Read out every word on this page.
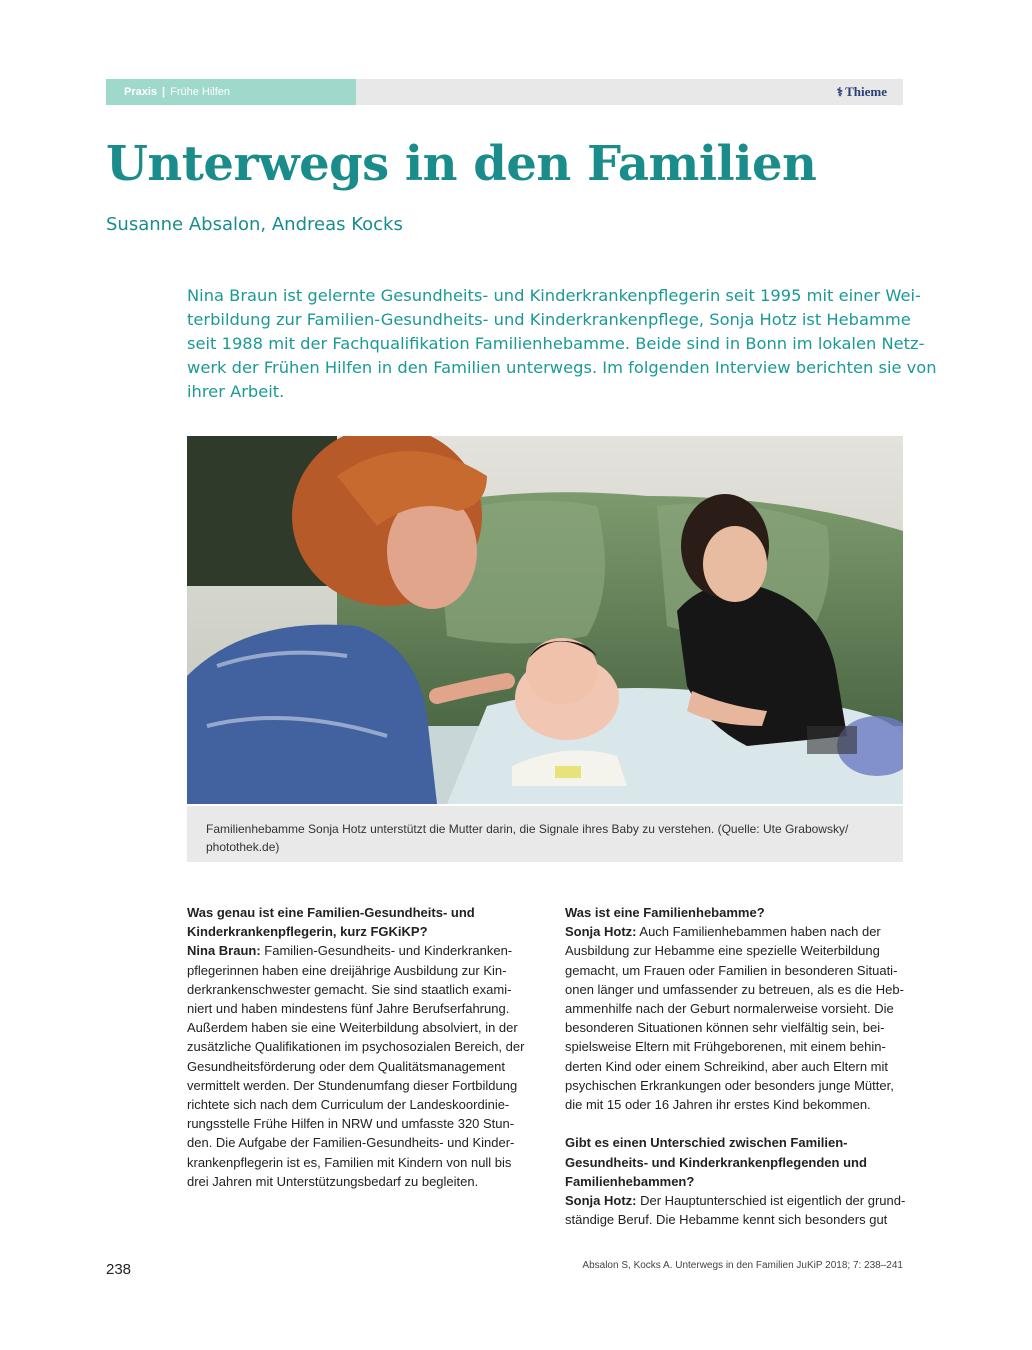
Praxis | Frühe Hilfen	⚕ Thieme
Unterwegs in den Familien
Susanne Absalon, Andreas Kocks
Nina Braun ist gelernte Gesundheits- und Kinderkrankenpflegerin seit 1995 mit einer Wei-
terbildung zur Familien-Gesundheits- und Kinderkrankenpflege, Sonja Hotz ist Hebamme
seit 1988 mit der Fachqualifikation Familienhebamme. Beide sind in Bonn im lokalen Netz-
werk der Frühen Hilfen in den Familien unterwegs. Im folgenden Interview berichten sie von
ihrer Arbeit.
Familienhebamme Sonja Hotz unterstützt die Mutter darin, die Signale ihres Baby zu verstehen. (Quelle: Ute Grabowsky/
photothek.de)
Was genau ist eine Familien-Gesundheits- und
Kinderkrankenpflegerin, kurz FGKiKP?
Nina Braun: Familien-Gesundheits- und Kinderkranken-
pflegerinnen haben eine dreijährige Ausbildung zur Kin-
derkrankenschwester gemacht. Sie sind staatlich exami-
niert und haben mindestens fünf Jahre Berufserfahrung.
Außerdem haben sie eine Weiterbildung absolviert, in der
zusätzliche Qualifikationen im psychosozialen Bereich, der
Gesundheitsförderung oder dem Qualitätsmanagement
vermittelt werden. Der Stundenumfang dieser Fortbildung
richtete sich nach dem Curriculum der Landeskoordinie-
rungsstelle Frühe Hilfen in NRW und umfasste 320 Stun-
den. Die Aufgabe der Familien-Gesundheits- und Kinder-
krankenpflegerin ist es, Familien mit Kindern von null bis
drei Jahren mit Unterstützungsbedarf zu begleiten.
Was ist eine Familienhebamme?
Sonja Hotz: Auch Familienhebammen haben nach der
Ausbildung zur Hebamme eine spezielle Weiterbildung
gemacht, um Frauen oder Familien in besonderen Situati-
onen länger und umfassender zu betreuen, als es die Heb-
ammenhilfe nach der Geburt normalerweise vorsieht. Die
besonderen Situationen können sehr vielfältig sein, bei-
spielsweise Eltern mit Frühgeborenen, mit einem behin-
derten Kind oder einem Schreikind, aber auch Eltern mit
psychischen Erkrankungen oder besonders junge Mütter,
die mit 15 oder 16 Jahren ihr erstes Kind bekommen.
Gibt es einen Unterschied zwischen Familien-
Gesundheits- und Kinderkrankenpflegenden und
Familienhebammen?
Sonja Hotz: Der Hauptunterschied ist eigentlich der grund-
ständige Beruf. Die Hebamme kennt sich besonders gut
238	Absalon S, Kocks A. Unterwegs in den Familien JuKiP 2018; 7: 238–241
